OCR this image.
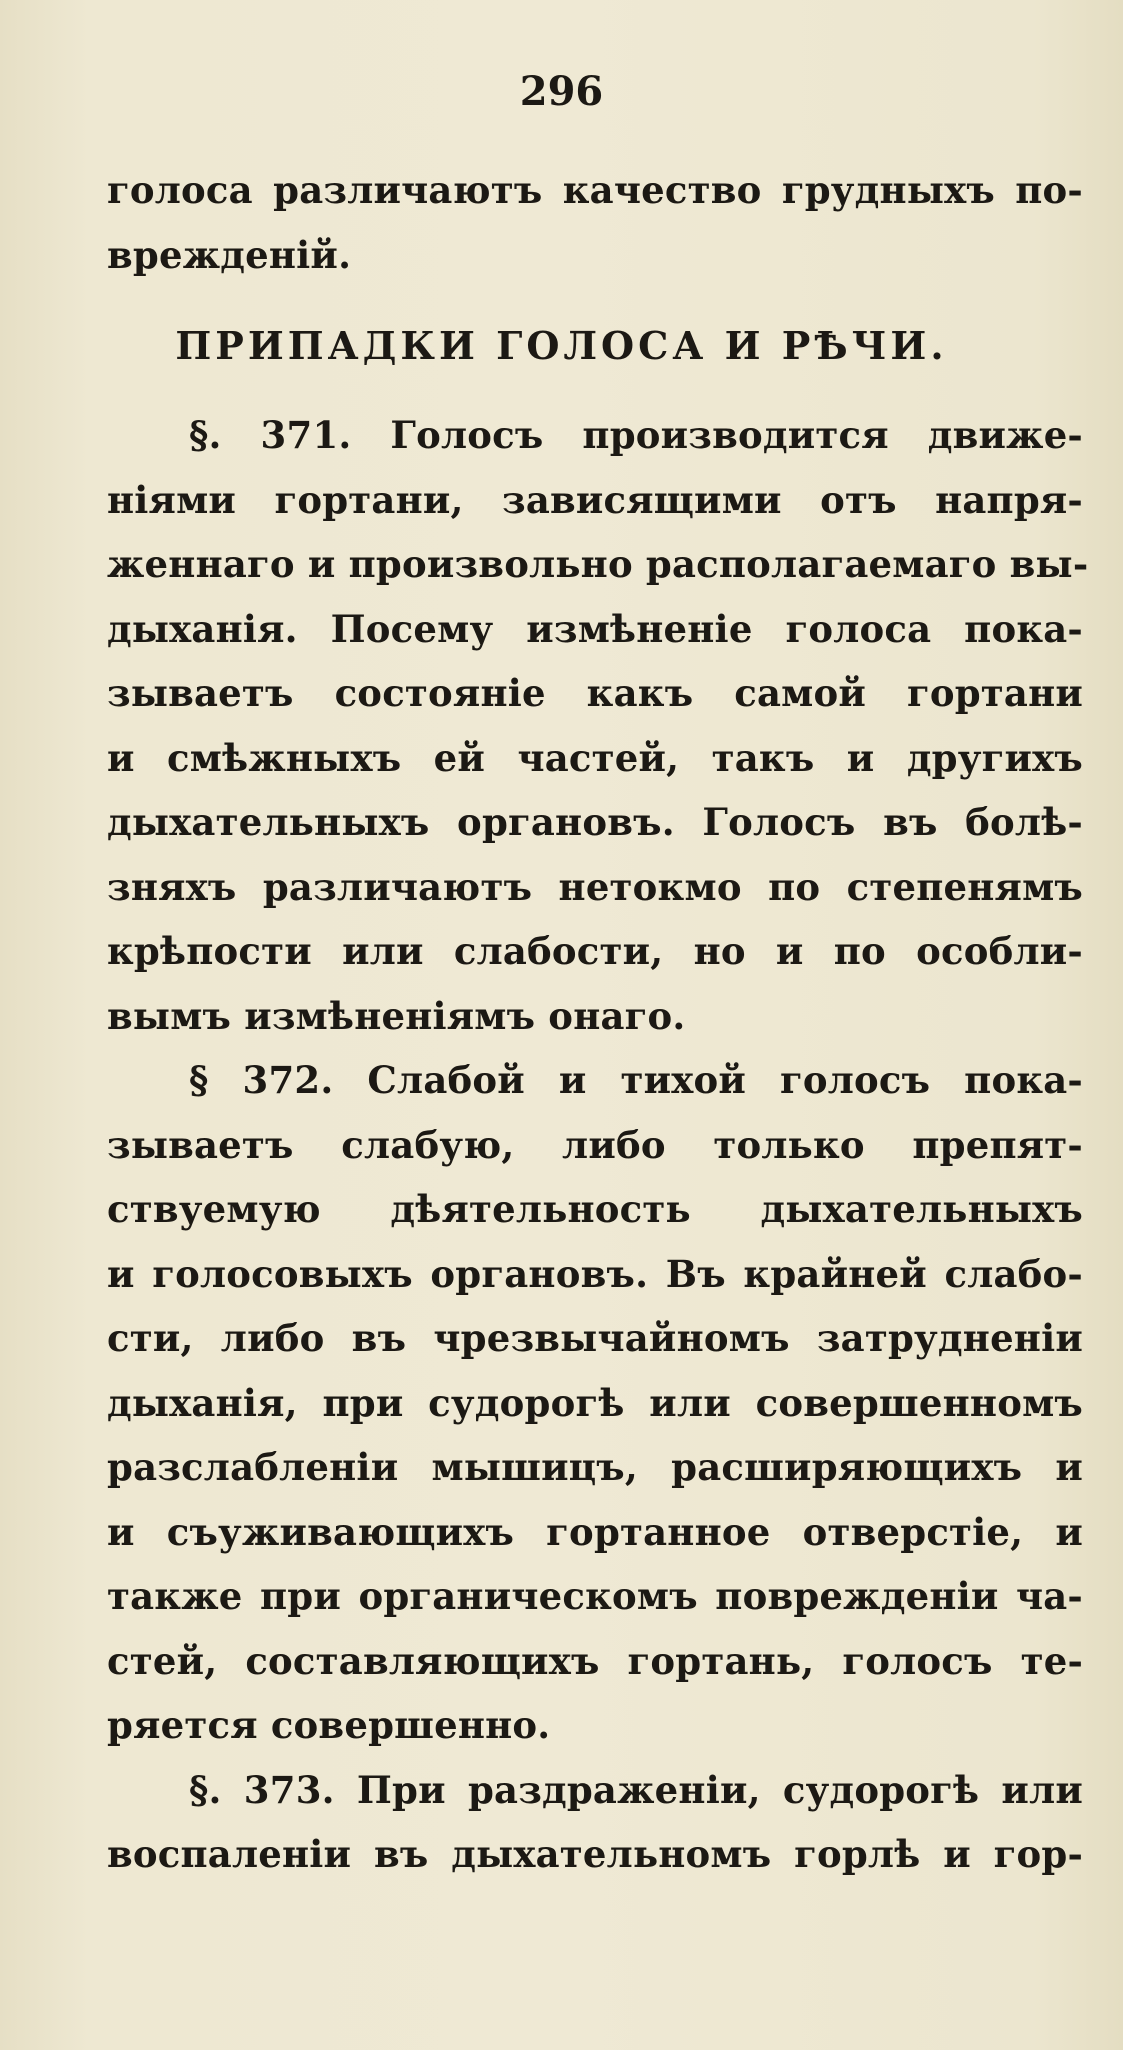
296
голоса различаютъ качество грудныхъ по-
врежденій.
ПРИПАДКИ ГОЛОСА И РѢЧИ.
§. 371. Голосъ производится движе-
ніями гортани, зависящими отъ напря-
женнаго и произвольно располагаемаго вы-
дыханія. Посему измѣненіе голоса пока-
зываетъ состояніе какъ самой гортани
и смѣжныхъ ей частей, такъ и другихъ
дыхательныхъ органовъ. Голосъ въ болѣ-
зняхъ различаютъ нетокмо по степенямъ
крѣпости или слабости, но и по особли-
вымъ измѣненіямъ онаго.
§ 372. Слабой и тихой голосъ пока-
зываетъ слабую, либо только препят-
ствуемую дѣятельность дыхательныхъ
и голосовыхъ органовъ. Въ крайней слабо-
сти, либо въ чрезвычайномъ затрудненіи
дыханія, при судорогѣ или совершенномъ
разслабленіи мышицъ, расширяющихъ и
и съуживающихъ гортанное отверстіе, и
также при органическомъ поврежденіи ча-
стей, составляющихъ гортань, голосъ те-
ряется совершенно.
§. 373. При раздраженіи, судорогѣ или
воспаленіи въ дыхательномъ горлѣ и гор-
